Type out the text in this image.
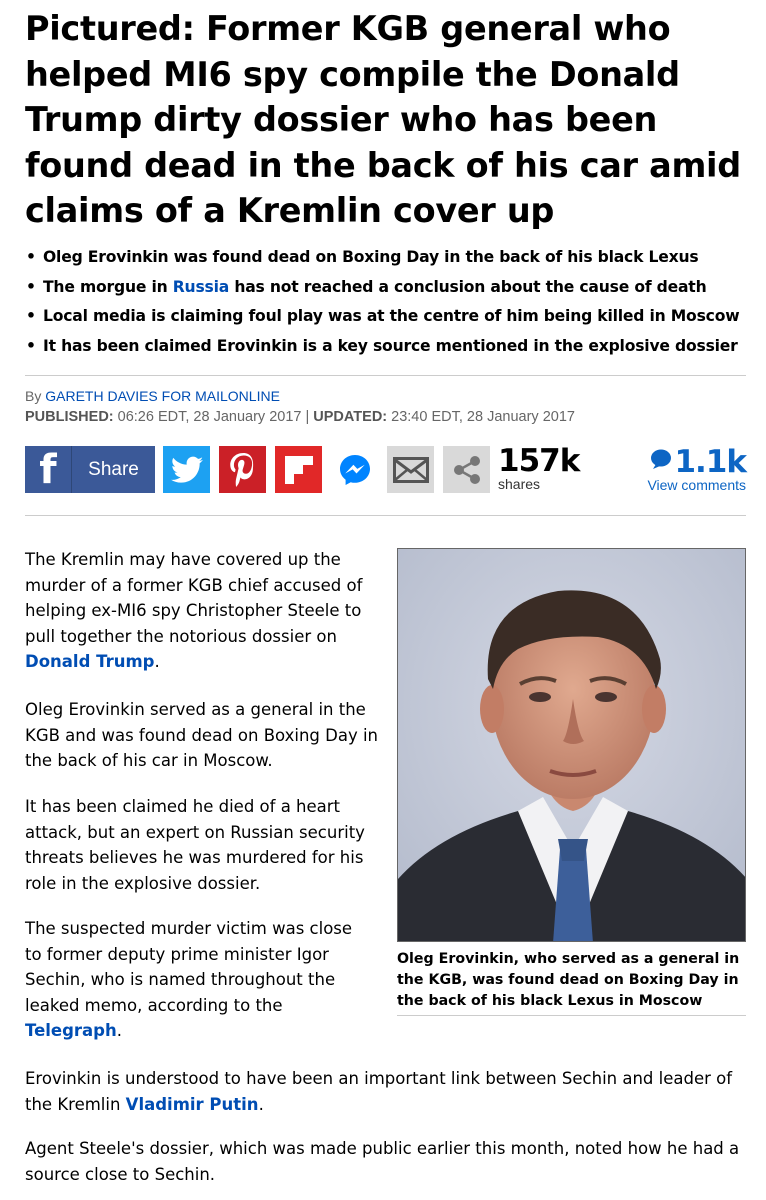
Pictured: Former KGB general who helped MI6 spy compile the Donald Trump dirty dossier who has been found dead in the back of his car amid claims of a Kremlin cover up
• Oleg Erovinkin was found dead on Boxing Day in the back of his black Lexus
• The morgue in Russia has not reached a conclusion about the cause of death
• Local media is claiming foul play was at the centre of him being killed in Moscow
• It has been claimed Erovinkin is a key source mentioned in the explosive dossier
By GARETH DAVIES FOR MAILONLINE
PUBLISHED: 06:26 EDT, 28 January 2017 | UPDATED: 23:40 EDT, 28 January 2017
f	Share	157k
shares
1.1k
View comments
The Kremlin may have covered up the murder of a former KGB chief accused of helping ex-MI6 spy Christopher Steele to pull together the notorious dossier on Donald Trump.
Oleg Erovinkin served as a general in the KGB and was found dead on Boxing Day in the back of his car in Moscow.
It has been claimed he died of a heart attack, but an expert on Russian security threats believes he was murdered for his role in the explosive dossier.
The suspected murder victim was close to former deputy prime minister Igor Sechin, who is named throughout the leaked memo, according to the Telegraph.
Erovinkin is understood to have been an important link between Sechin and leader of the Kremlin Vladimir Putin.
Agent Steele's dossier, which was made public earlier this month, noted how he had a source close to Sechin.
Oleg Erovinkin, who served as a general in the KGB, was found dead on Boxing Day in the back of his black Lexus in Moscow
